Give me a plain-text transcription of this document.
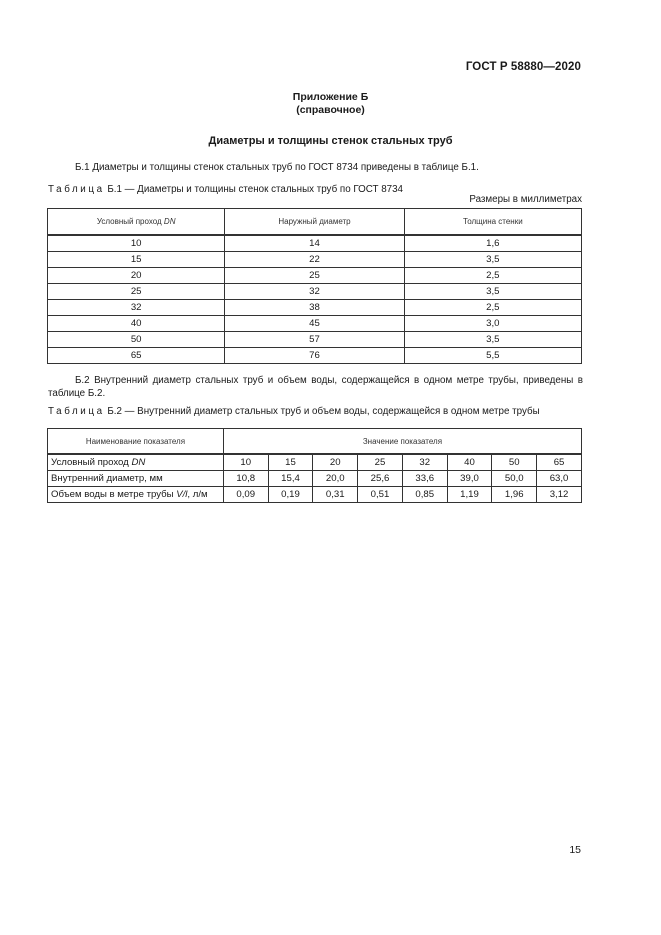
ГОСТ Р 58880—2020
Приложение Б
(справочное)
Диаметры и толщины стенок стальных труб
Б.1 Диаметры и толщины стенок стальных труб по ГОСТ 8734 приведены в таблице Б.1.
Таблица Б.1 — Диаметры и толщины стенок стальных труб по ГОСТ 8734
Размеры в миллиметрах
Условный проход DN	Наружный диаметр	Толщина стенки
10	14	1,6
15	22	3,5
20	25	2,5
25	32	3,5
32	38	2,5
40	45	3,0
50	57	3,5
65	76	5,5
Б.2 Внутренний диаметр стальных труб и объем воды, содержащейся в одном метре трубы, приведены в таблице Б.2.
Таблица Б.2 — Внутренний диаметр стальных труб и объем воды, содержащейся в одном метре трубы
Наименование показателя	Значение показателя							
Условный проход DN	10	15	20	25	32	40	50	65
Внутренний диаметр, мм	10,8	15,4	20,0	25,6	33,6	39,0	50,0	63,0
Объем воды в метре трубы V/l, л/м	0,09	0,19	0,31	0,51	0,85	1,19	1,96	3,12
15
